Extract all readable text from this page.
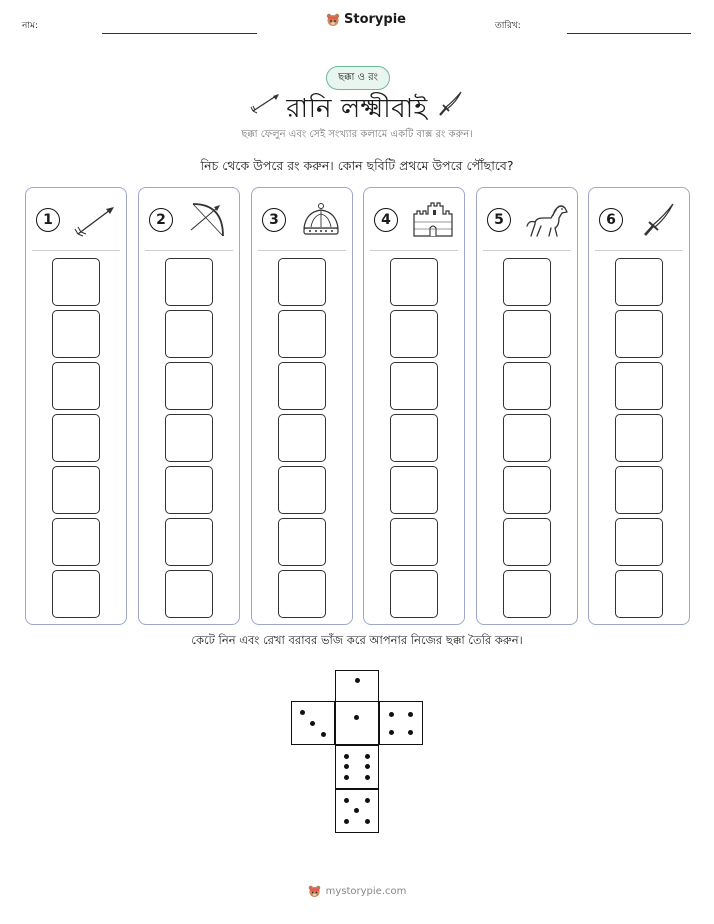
নাম:	Storypie	তারিখ:
ছক্কা ও রং
রানি লক্ষ্মীবাই
ছক্কা ফেলুন এবং সেই সংখ্যার কলামে একটি বাক্স রং করুন।
নিচ থেকে উপরে রং করুন। কোন ছবিটি প্রথমে উপরে পৌঁছাবে?
1	2	3	4	5	6
কেটে নিন এবং রেখা বরাবর ভাঁজ করে আপনার নিজের ছক্কা তৈরি করুন।
mystorypie.com
